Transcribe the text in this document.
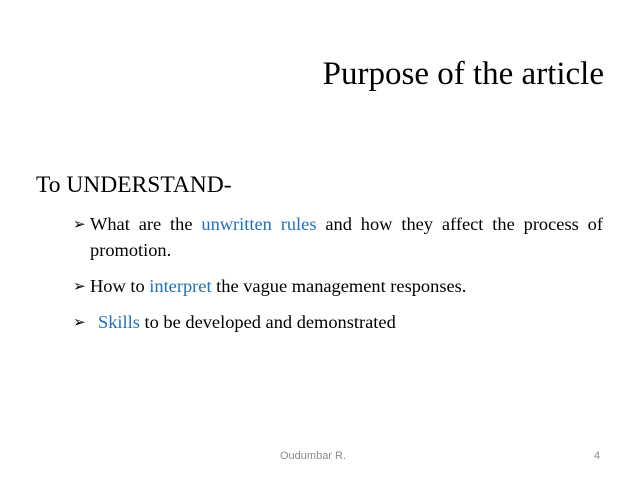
Purpose of the article
To UNDERSTAND-
➢ What are the unwritten rules and how they affect the process of promotion.
➢ How to interpret the vague management responses.
➢ Skills to be developed and demonstrated
Oudumbar R.	4
